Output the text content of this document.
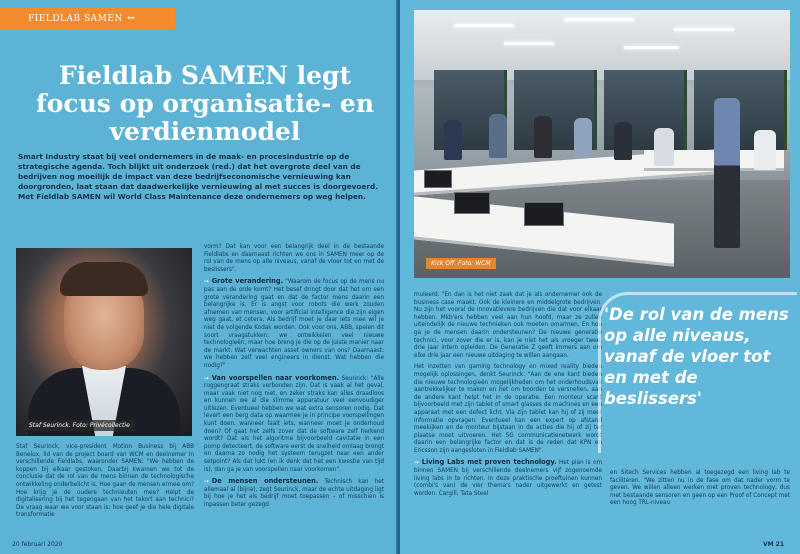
FIELDLAB SAMEN ⇜
Fieldlab SAMEN legt focus op organisatie- en verdienmodel
Smart Industry staat bij veel ondernemers in de maak- en procesindustrie op de strategische agenda. Toch blijkt uit onderzoek (red.) dat het overgrote deel van de bedrijven nog moeilijk de impact van deze bedrijfseconomische vernieuwing kan doorgronden, laat staan dat daadwerkelijke vernieuwing al met succes is doorgevoerd. Met Fieldlab SAMEN wil World Class Maintenance deze ondernemers op weg helpen.
Staf Seurinck. Foto: Privécollectie

Staf Seurinck, vice-president Motion Business bij ABB Benelux, lid van de project board van WCM en deelnemer in verschillende Fieldlabs, waaronder SAMEN: "We hebben de koppen bij elkaar gestoken. Daarbij kwamen we tot de conclusie dat de rol van de mens binnen de technologische ontwikkeling onderbelicht is. Hoe gaan de mensen ermee om? Hoe krijg je de oudere technieuten mee? Helpt de digitalisering bij het tegengaan van het tekort aan technici? De vraag waar we voor staan is: hoe geef je die hele digitale transformatie

vorm? Dat kan voor een belangrijk deel in de bestaande Fieldlabs en daarnaast richten we ons in SAMEN meer op de rol van de mens op alle niveaus, vanaf de vloer tot en met de beslissers".

→ Grote verandering. "Waarom de focus op de mens nu pas aan de orde komt? Het besef dringt door dat het om een grote verandering gaat en dat de factor mens daarin een belangrijke is. Er is angst voor robots die werk zouden afnemen van mensen, voor artificial intelligence die zijn eigen weg gaat, et cetera. Als bedrijf moet je daar iets mee wil je niet de volgende Kodak worden. Ook voor ons, ABB, spelen dit soort vraagstukken: we ontwikkelen veel nieuwe technologieën, maar hoe breng je die op de juiste manier naar de markt. Wat verwachten asset owners van ons? Daarnaast: we hebben zelf veel engineers in dienst. Wat hebben die nodig?"

→ Van voorspellen naar voorkomen. Seurinck: "Alle ruggengraat straks verbonden zijn. Dat is vaak al het geval, maar vaak niet nog niet, en zeker straks kan alles draadloos en kunnen we al die slimme apparatuur veel eenvoudiger uitlezen. Eventueel hebben we wat extra sensoren nodig. Dat levert een berg data op waarmee je in principe voorspellingen kunt doen, wanneer faalt iets, wanneer moet je onderhoud doen? Of gaat het zelfs zover dat de software zelf herkend wordt? Dat als het algoritme bijvoorbeeld cavitatie in een pomp detecteert, de software eerst de snelheid omlaag brengt en daarna zo nodig het systeem terugzet naar een ander setpoint? Als dat lukt (en ik denk dat het een kwestie van tijd is), dan ga je van voorspellen naar voorkomen".

→ De mensen ondersteunen. Technisch kan het allemaal al (bijna), zegt Seurinck, maar de echte uitdaging ligt bij hoe je het als bedrijf moet toepassen – of misschien is inpassen beter gezegd

20 februari 2020
Kick Off. Foto: WCM

muleerd. "En dan is het niet zaak dat je als ondernemer ook de business case maakt. Ook de kleinere en middelgrote bedrijven. Nu zijn het vooral de innovatievere bedrijven die dat voor elkaar hebben. Mkb'ers hebben veel aan hun hoofd, maar ze zullen uiteindelijk de nieuwe technieken ook moeten omarmen. En hoe ga je de mensen daarin ondersteunen? De nieuwe generatie technici, voor zover die er is, kan je niet het als vroeger twee, drie jaar intern opleiden. De Generatie Z geeft immers aan om elke drie jaar een nieuwe uitdaging te willen aangaan.

Het inzetten van gaming technology en mixed reality bieden mogelijk oplossingen, denkt Seurinck. "Aan de ene kant bieden die nieuwe technologieën mogelijkheden om het onderhoudsvak aantrekkelijker te maken en het om boorden te versnellen, aan de andere kant helpt het in de operatie. Een monteur scant bijvoorbeeld met zijn tablet of smart glasses de machines en een apparaat met een defect licht. Via zijn tablet kan hij of zij meer informatie opvragen. Eventueel kan een expert op afstand meekijken en de monteur bijstaan in de acties die hij of zij ter plaatse moet uitvoeren. Het 5G communicatienetwerk wordt daarin een belangrijke factor en dat is de reden dat KPN en Ericsson zijn aangesloten in Fieldlab SAMEN".

→ Living Labs met proven technology. Het plan is om binnen SAMEN bij verschillende deelnemers vijf zogenoemde living labs in te richten. In deze praktische proeftuinen kunnen (combi's van) de vier thema's nader uitgewerkt en getest worden. Cargill, Tata Steel

'De rol van de mens op alle niveaus, vanaf de vloer tot en met de beslissers'

en Sitech Services hebben al toegezegd een living lab te faciliteren. "We zitten nu in de fase om dat nader vorm te geven. We willen alleen werken met proven technology, dus met bestaande sensoren en geen op een Proof of Concept met een hoog TRL-niveau

VM 21
